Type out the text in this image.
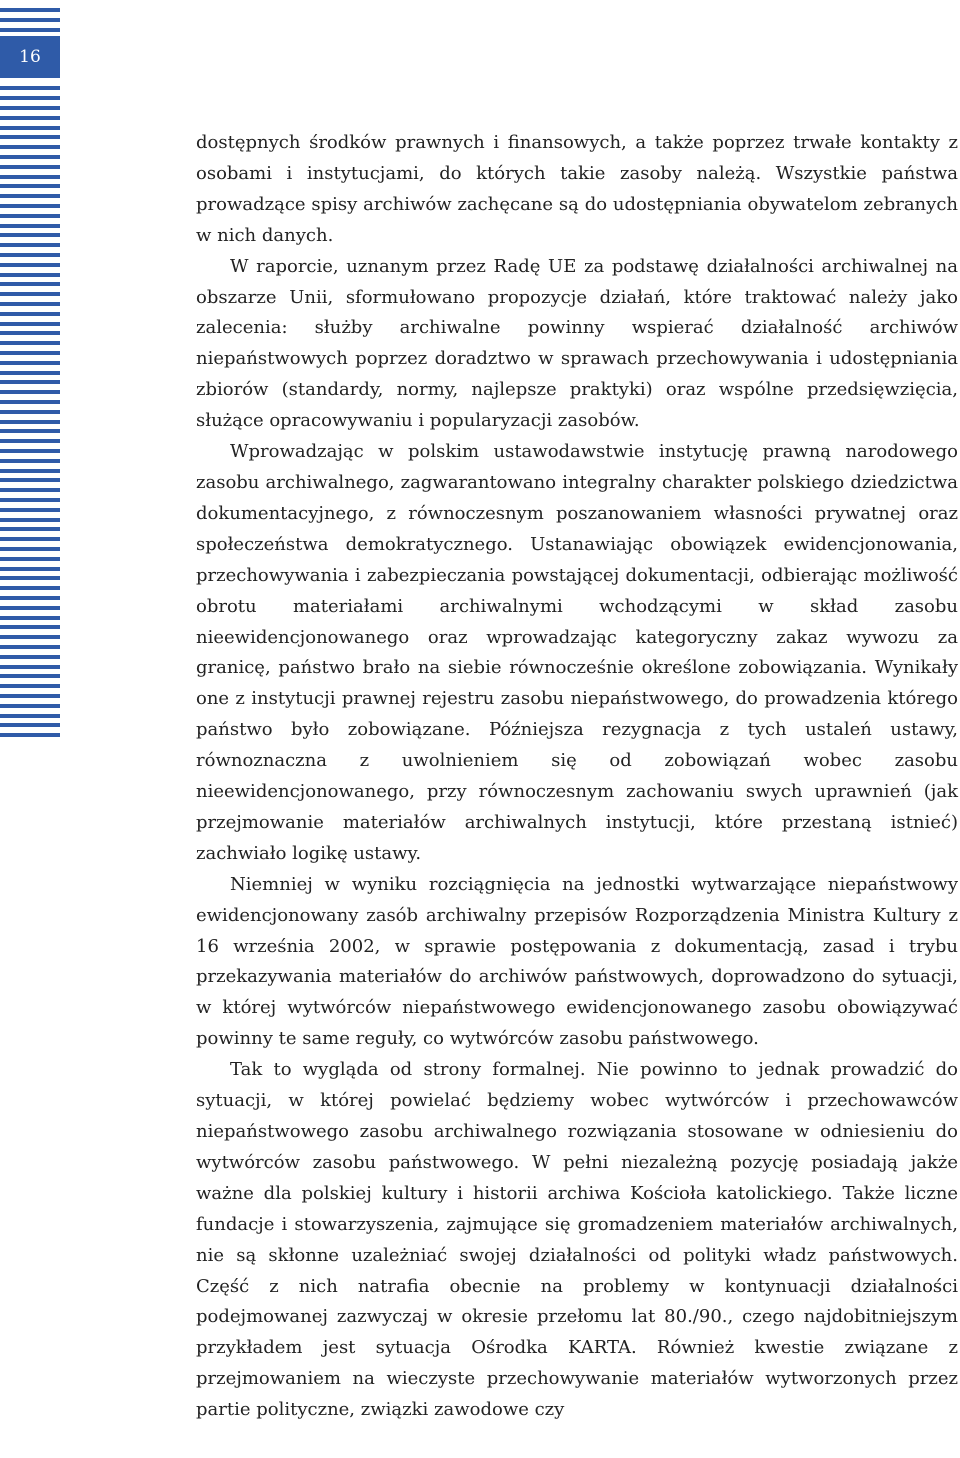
16

dostępnych środków prawnych i finansowych, a także poprzez trwałe kontakty z osobami i instytucjami, do których takie zasoby należą. Wszystkie państwa prowadzące spisy archiwów zachęcane są do udostępniania obywatelom zebranych w nich danych.

W raporcie, uznanym przez Radę UE za podstawę działalności archiwalnej na obszarze Unii, sformułowano propozycje działań, które traktować należy jako zalecenia: służby archiwalne powinny wspierać działalność archiwów niepaństwowych poprzez doradztwo w sprawach przechowywania i udostępniania zbiorów (standardy, normy, najlepsze praktyki) oraz wspólne przedsięwzięcia, służące opracowywaniu i popularyzacji zasobów.

Wprowadzając w polskim ustawodawstwie instytucję prawną narodowego zasobu archiwalnego, zagwarantowano integralny charakter polskiego dziedzictwa dokumentacyjnego, z równoczesnym poszanowaniem własności prywatnej oraz społeczeństwa demokratycznego. Ustanawiając obowiązek ewidencjonowania, przechowywania i zabezpieczania powstającej dokumentacji, odbierając możliwość obrotu materiałami archiwalnymi wchodzącymi w skład zasobu nieewidencjonowanego oraz wprowadzając kategoryczny zakaz wywozu za granicę, państwo brało na siebie równocześnie określone zobowiązania. Wynikały one z instytucji prawnej rejestru zasobu niepaństwowego, do prowadzenia którego państwo było zobowiązane. Późniejsza rezygnacja z tych ustaleń ustawy, równoznaczna z uwolnieniem się od zobowiązań wobec zasobu nieewidencjonowanego, przy równoczesnym zachowaniu swych uprawnień (jak przejmowanie materiałów archiwalnych instytucji, które przestaną istnieć) zachwiało logikę ustawy.

Niemniej w wyniku rozciągnięcia na jednostki wytwarzające niepaństwowy ewidencjonowany zasób archiwalny przepisów Rozporządzenia Ministra Kultury z 16 września 2002, w sprawie postępowania z dokumentacją, zasad i trybu przekazywania materiałów do archiwów państwowych, doprowadzono do sytuacji, w której wytwórców niepaństwowego ewidencjonowanego zasobu obowiązywać powinny te same reguły, co wytwórców zasobu państwowego.

Tak to wygląda od strony formalnej. Nie powinno to jednak prowadzić do sytuacji, w której powielać będziemy wobec wytwórców i przechowawców niepaństwowego zasobu archiwalnego rozwiązania stosowane w odniesieniu do wytwórców zasobu państwowego. W pełni niezależną pozycję posiadają jakże ważne dla polskiej kultury i historii archiwa Kościoła katolickiego. Także liczne fundacje i stowarzyszenia, zajmujące się gromadzeniem materiałów archiwalnych, nie są skłonne uzależniać swojej działalności od polityki władz państwowych. Część z nich natrafia obecnie na problemy w kontynuacji działalności podejmowanej zazwyczaj w okresie przełomu lat 80./90., czego najdobitniejszym przykładem jest sytuacja Ośrodka KARTA. Również kwestie związane z przejmowaniem na wieczyste przechowywanie materiałów wytworzonych przez partie polityczne, związki zawodowe czy
